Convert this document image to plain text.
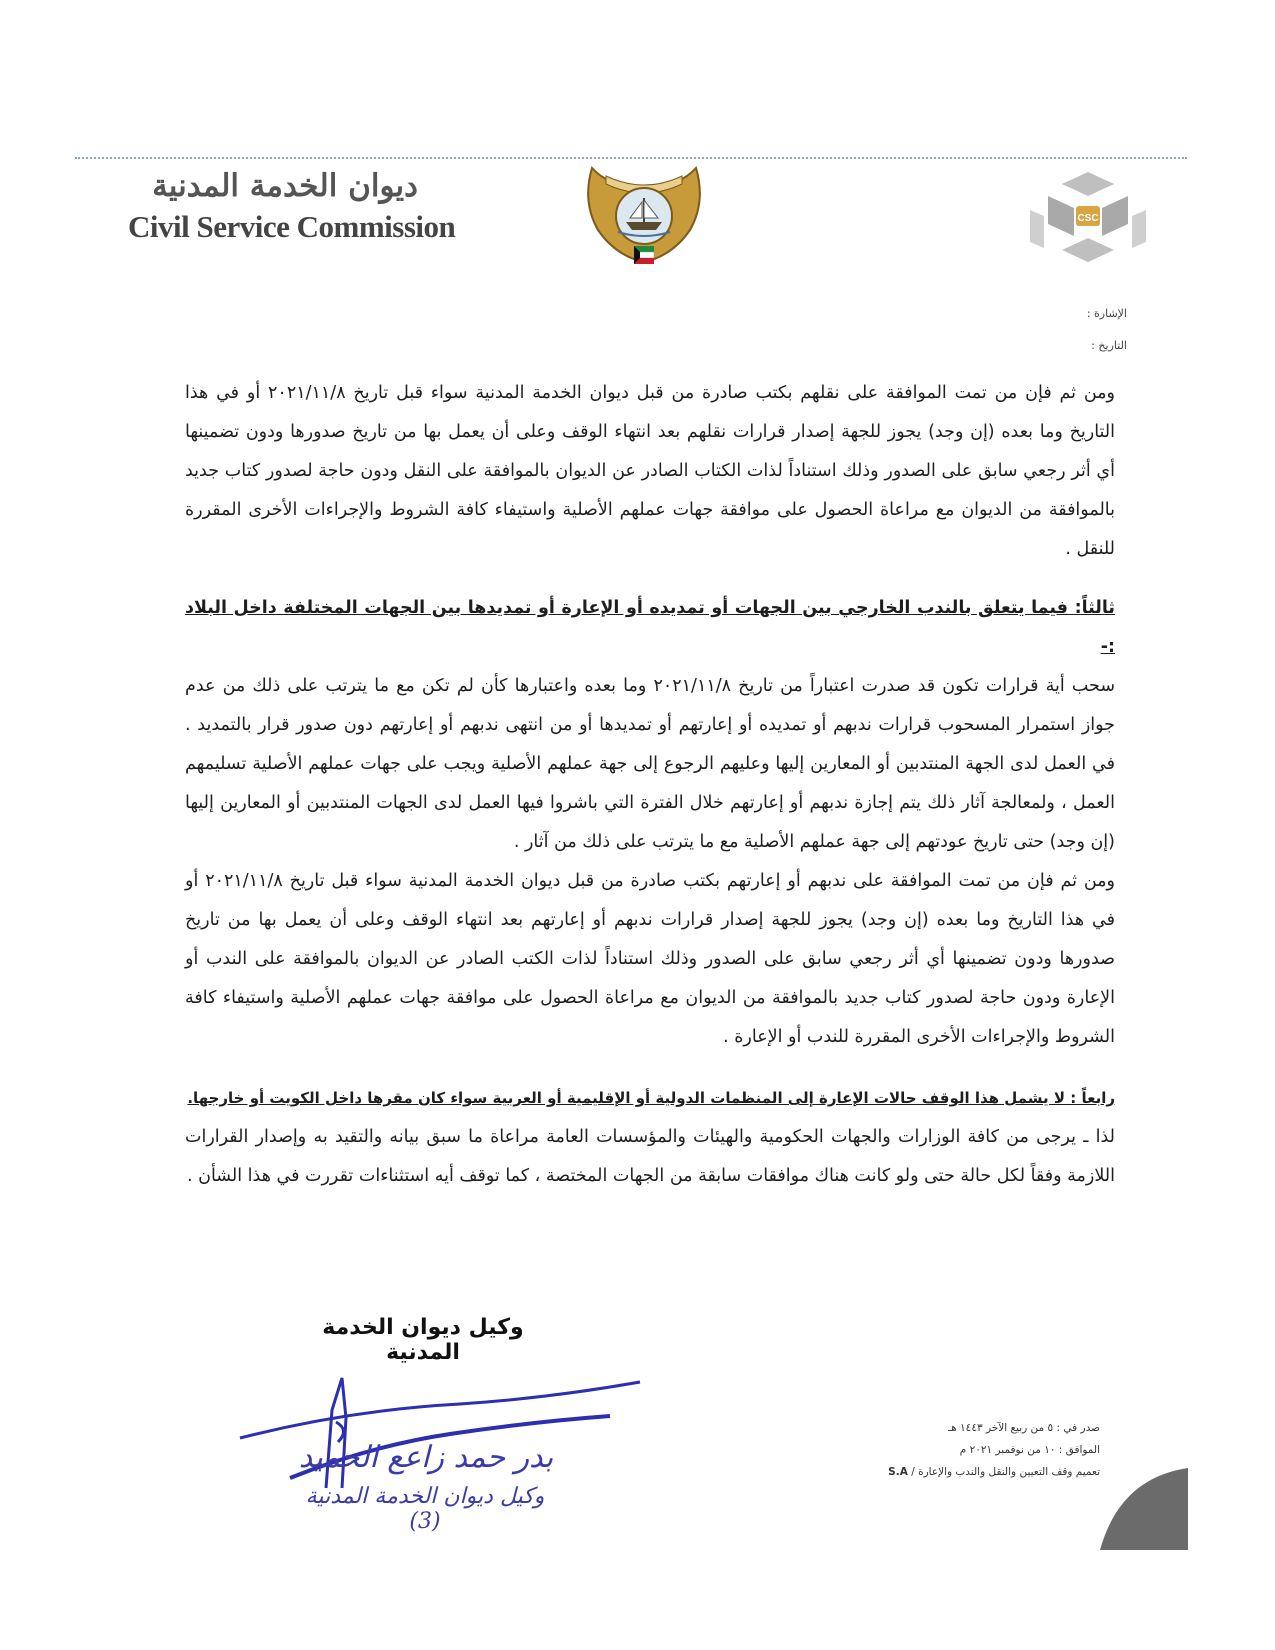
ديوان الخدمة المدنية
Civil Service Commission	CSC
الإشارة :
التاريخ :

ومن ثم فإن من تمت الموافقة على نقلهم بكتب صادرة من قبل ديوان الخدمة المدنية سواء قبل تاريخ ٢٠٢١/١١/٨ أو في هذا التاريخ وما بعده (إن وجد) يجوز للجهة إصدار قرارات نقلهم بعد انتهاء الوقف وعلى أن يعمل بها من تاريخ صدورها ودون تضمينها أي أثر رجعي سابق على الصدور وذلك استناداً لذات الكتاب الصادر عن الديوان بالموافقة على النقل ودون حاجة لصدور كتاب جديد بالموافقة من الديوان مع مراعاة الحصول على موافقة جهات عملهم الأصلية واستيفاء كافة الشروط والإجراءات الأخرى المقررة للنقل .

ثالثاً: فيما يتعلق بالندب الخارجي بين الجهات أو تمديده أو الإعارة أو تمديدها بين الجهات المختلفة داخل البلاد :-

سحب أية قرارات تكون قد صدرت اعتباراً من تاريخ ٢٠٢١/١١/٨ وما بعده واعتبارها كأن لم تكن مع ما يترتب على ذلك من عدم جواز استمرار المسحوب قرارات ندبهم أو تمديده أو إعارتهم أو تمديدها أو من انتهى ندبهم أو إعارتهم دون صدور قرار بالتمديد . في العمل لدى الجهة المنتدبين أو المعارين إليها وعليهم الرجوع إلى جهة عملهم الأصلية ويجب على جهات عملهم الأصلية تسليمهم العمل ، ولمعالجة آثار ذلك يتم إجازة ندبهم أو إعارتهم خلال الفترة التي باشروا فيها العمل لدى الجهات المنتدبين أو المعارين إليها (إن وجد) حتى تاريخ عودتهم إلى جهة عملهم الأصلية مع ما يترتب على ذلك من آثار .

ومن ثم فإن من تمت الموافقة على ندبهم أو إعارتهم بكتب صادرة من قبل ديوان الخدمة المدنية سواء قبل تاريخ ٢٠٢١/١١/٨ أو في هذا التاريخ وما بعده (إن وجد) يجوز للجهة إصدار قرارات ندبهم أو إعارتهم بعد انتهاء الوقف وعلى أن يعمل بها من تاريخ صدورها ودون تضمينها أي أثر رجعي سابق على الصدور وذلك استناداً لذات الكتب الصادر عن الديوان بالموافقة على الندب أو الإعارة ودون حاجة لصدور كتاب جديد بالموافقة من الديوان مع مراعاة الحصول على موافقة جهات عملهم الأصلية واستيفاء كافة الشروط والإجراءات الأخرى المقررة للندب أو الإعارة .

رابعاً : لا يشمل هذا الوقف حالات الإعارة إلى المنظمات الدولية أو الإقليمية أو العربية سواء كان مقرها داخل الكويت أو خارجها.

لذا ـ يرجى من كافة الوزارات والجهات الحكومية والهيئات والمؤسسات العامة مراعاة ما سبق بيانه والتقيد به وإصدار القرارات اللازمة وفقاً لكل حالة حتى ولو كانت هناك موافقات سابقة من الجهات المختصة ، كما توقف أيه استثناءات تقررت في هذا الشأن .

وكيل ديوان الخدمة المدنية
بدر حمد زاعع الحميد
وكيل ديوان الخدمة المدنية (3)
صدر في : ٥ من ربيع الآخر ١٤٤٣ هـ
الموافق : ١٠ من نوفمبر ٢٠٢١ م
تعميم وقف التعيين والنقل والندب والإعارة / S.A
